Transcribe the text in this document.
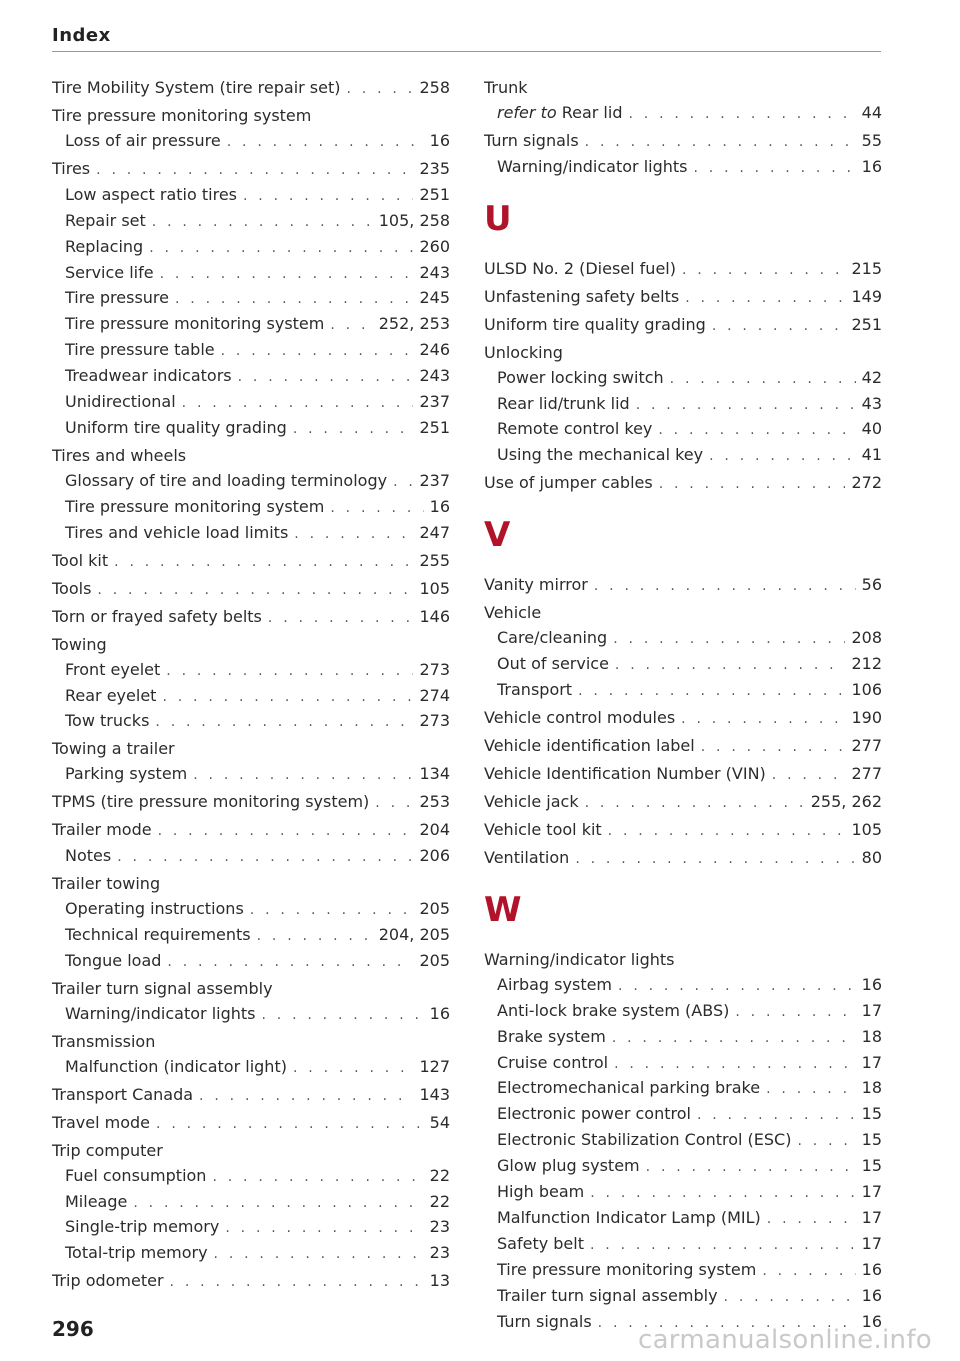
Index
Tire Mobility System (tire repair set) . . .	258
Tire pressure monitoring system
Loss of air pressure . . .	16
Tires . . .	235
Low aspect ratio tires . . .	251
Repair set . . .	105, 258
Replacing . . .	260
Service life . . .	243
Tire pressure . . .	245
Tire pressure monitoring system . . .	252, 253
Tire pressure table . . .	246
Treadwear indicators . . .	243
Unidirectional . . .	237
Uniform tire quality grading . . .	251
Tires and wheels
Glossary of tire and loading terminology . . . 237
Tire pressure monitoring system . . .	16
Tires and vehicle load limits . . .	247
Tool kit . . .	255
Tools . . .	105
Torn or frayed safety belts . . .	146
Towing
Front eyelet . . .	273
Rear eyelet . . .	274
Tow trucks . . .	273
Towing a trailer
Parking system . . .	134
TPMS (tire pressure monitoring system) . . .	253
Trailer mode . . .	204
Notes . . .	206
Trailer towing
Operating instructions . . .	205
Technical requirements . . .	204, 205
Tongue load . . .	205
Trailer turn signal assembly
Warning/indicator lights . . .	16
Transmission
Malfunction (indicator light) . . .	127
Transport Canada . . .	143
Travel mode . . .	54
Trip computer
Fuel consumption . . .	22
Mileage . . .	22
Single-trip memory . . .	23
Total-trip memory . . .	23
Trip odometer . . .	13
Trunk
refer to Rear lid . . .	44
Turn signals . . .	55
Warning/indicator lights . . .	16
U
ULSD No. 2 (Diesel fuel) . . .	215
Unfastening safety belts . . .	149
Uniform tire quality grading . . .	251
Unlocking
Power locking switch . . .	42
Rear lid/trunk lid . . .	43
Remote control key . . .	40
Using the mechanical key . . .	41
Use of jumper cables . . .	272
V
Vanity mirror . . .	56
Vehicle
Care/cleaning . . .	208
Out of service . . .	212
Transport . . .	106
Vehicle control modules . . .	190
Vehicle identification label . . .	277
Vehicle Identification Number (VIN) . . .	277
Vehicle jack . . .	255, 262
Vehicle tool kit . . .	105
Ventilation . . .	80
W
Warning/indicator lights
Airbag system . . .	16
Anti-lock brake system (ABS) . . .	17
Brake system . . .	18
Cruise control . . .	17
Electromechanical parking brake . . .	18
Electronic power control . . .	15
Electronic Stabilization Control (ESC) . . .	15
Glow plug system . . .	15
High beam . . .	17
Malfunction Indicator Lamp (MIL) . . .	17
Safety belt . . .	17
Tire pressure monitoring system . . .	16
Trailer turn signal assembly . . .	16
Turn signals . . .	16
296	carmanualsonline.info
